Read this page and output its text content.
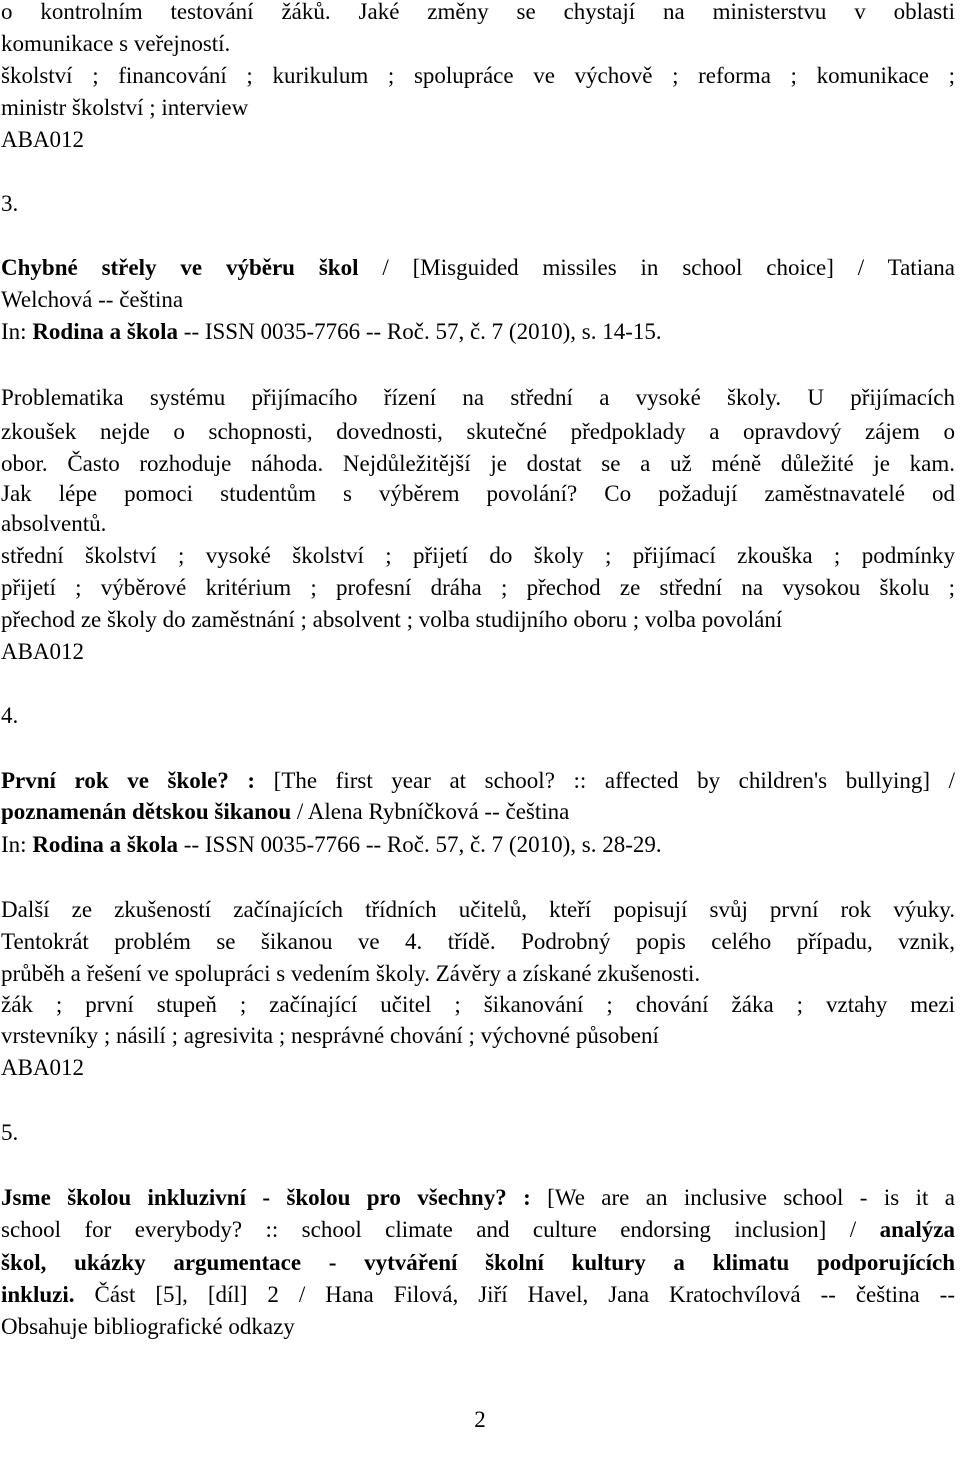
o kontrolním testování žáků. Jaké změny se chystají na ministerstvu v oblasti
komunikace s veřejností.
školství ; financování ; kurikulum ; spolupráce ve výchově ; reforma ; komunikace ;
ministr školství ; interview
ABA012
3.
Chybné střely ve výběru škol / [Misguided missiles in school choice] / Tatiana
Welchová -- čeština
In: Rodina a škola -- ISSN 0035-7766 -- Roč. 57, č. 7 (2010), s. 14-15.
Problematika systému přijímacího řízení na střední a vysoké školy. U přijímacích
zkoušek nejde o schopnosti, dovednosti, skutečné předpoklady a opravdový zájem o
obor. Často rozhoduje náhoda. Nejdůležitější je dostat se a už méně důležité je kam.
Jak lépe pomoci studentům s výběrem povolání? Co požadují zaměstnavatelé od
absolventů.
střední školství ; vysoké školství ; přijetí do školy ; přijímací zkouška ; podmínky
přijetí ; výběrové kritérium ; profesní dráha ; přechod ze střední na vysokou školu ;
přechod ze školy do zaměstnání ; absolvent ; volba studijního oboru ; volba povolání
ABA012
4.
První rok ve škole? : [The first year at school? :: affected by children's bullying] /
poznamenán dětskou šikanou / Alena Rybníčková -- čeština
In: Rodina a škola -- ISSN 0035-7766 -- Roč. 57, č. 7 (2010), s. 28-29.
Další ze zkušeností začínajících třídních učitelů, kteří popisují svůj první rok výuky.
Tentokrát problém se šikanou ve 4. třídě. Podrobný popis celého případu, vznik,
průběh a řešení ve spolupráci s vedením školy. Závěry a získané zkušenosti.
žák ; první stupeň ; začínající učitel ; šikanování ; chování žáka ; vztahy mezi
vrstevníky ; násilí ; agresivita ; nesprávné chování ; výchovné působení
ABA012
5.
Jsme školou inkluzivní - školou pro všechny? : [We are an inclusive school - is it a
school for everybody? :: school climate and culture endorsing inclusion] / analýza
škol, ukázky argumentace - vytváření školní kultury a klimatu podporujících
inkluzi. Část [5], [díl] 2 / Hana Filová, Jiří Havel, Jana Kratochvílová -- čeština --
Obsahuje bibliografické odkazy
2
